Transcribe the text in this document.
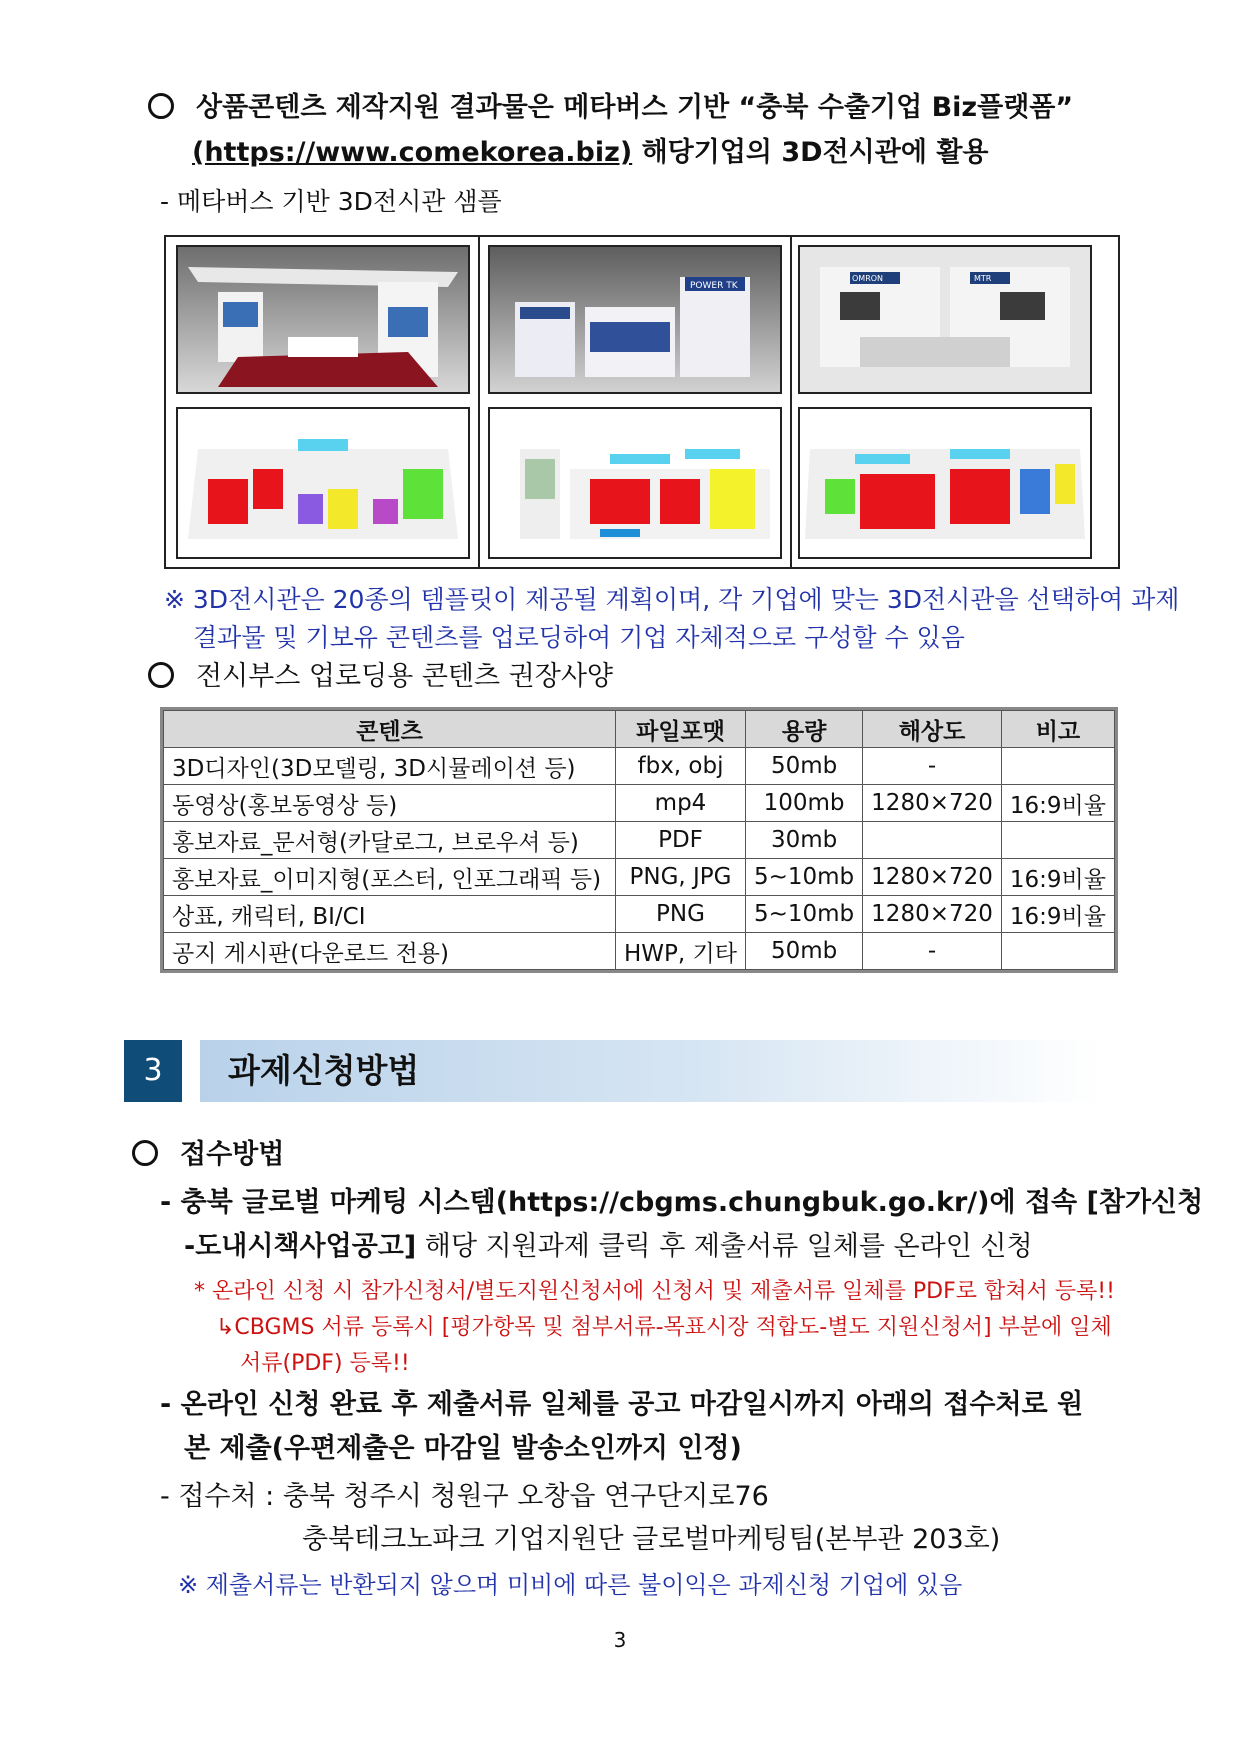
상품콘텐츠 제작지원 결과물은 메타버스 기반 “충북 수출기업 Biz플랫폼”
(https://www.comekorea.biz) 해당기업의 3D전시관에 활용
- 메타버스 기반 3D전시관 샘플
POWER TK
OMRON	MTR
※ 3D전시관은 20종의 템플릿이 제공될 계획이며, 각 기업에 맞는 3D전시관을 선택하여 과제
결과물 및 기보유 콘텐츠를 업로딩하여 기업 자체적으로 구성할 수 있음
전시부스 업로딩용 콘텐츠 권장사양
콘텐츠	파일포맷	용량	해상도	비고
3D디자인(3D모델링, 3D시뮬레이션 등)	fbx, obj	50mb	-	
동영상(홍보동영상 등)	mp4	100mb	1280×720	16:9비율
홍보자료_문서형(카달로그, 브로우셔 등)	PDF	30mb		
홍보자료_이미지형(포스터, 인포그래픽 등)	PNG, JPG	5~10mb	1280×720	16:9비율
상표, 캐릭터, BI/CI	PNG	5~10mb	1280×720	16:9비율
공지 게시판(다운로드 전용)	HWP, 기타	50mb	-	
3	과제신청방법
접수방법
- 충북 글로벌 마케팅 시스템(https://cbgms.chungbuk.go.kr/)에 접속 [참가신청
-도내시책사업공고] 해당 지원과제 클릭 후 제출서류 일체를 온라인 신청
* 온라인 신청 시 참가신청서/별도지원신청서에 신청서 및 제출서류 일체를 PDF로 합쳐서 등록!!
↳CBGMS 서류 등록시 [평가항목 및 첨부서류-목표시장 적합도-별도 지원신청서] 부분에 일체
서류(PDF) 등록!!
- 온라인 신청 완료 후 제출서류 일체를 공고 마감일시까지 아래의 접수처로 원
본 제출(우편제출은 마감일 발송소인까지 인정)
- 접수처 : 충북 청주시 청원구 오창읍 연구단지로76
충북테크노파크 기업지원단 글로벌마케팅팀(본부관 203호)
※ 제출서류는 반환되지 않으며 미비에 따른 불이익은 과제신청 기업에 있음
3
